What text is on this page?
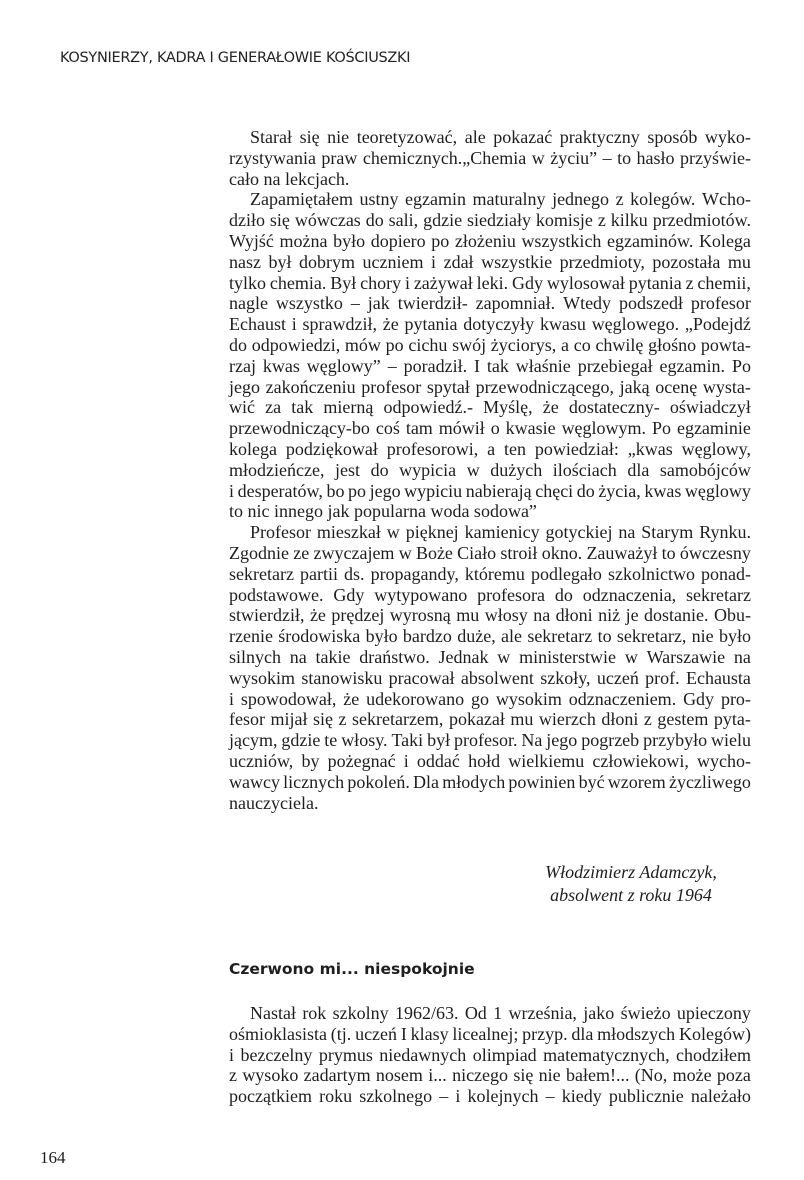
KOSYNIERZY, KADRA I GENERAŁOWIE KOŚCIUSZKI
Starał się nie teoretyzować, ale pokazać praktyczny sposób wyko-
rzystywania praw chemicznych.„Chemia w życiu” – to hasło przyświe-
cało na lekcjach.
Zapamiętałem ustny egzamin maturalny jednego z kolegów. Wcho-
dziło się wówczas do sali, gdzie siedziały komisje z kilku przedmiotów.
Wyjść można było dopiero po złożeniu wszystkich egzaminów. Kolega
nasz był dobrym uczniem i zdał wszystkie przedmioty, pozostała mu
tylko chemia. Był chory i zażywał leki. Gdy wylosował pytania z chemii,
nagle wszystko – jak twierdził- zapomniał. Wtedy podszedł profesor
Echaust i sprawdził, że pytania dotyczyły kwasu węglowego. „Podejdź
do odpowiedzi, mów po cichu swój życiorys, a co chwilę głośno powta-
rzaj kwas węglowy” – poradził. I tak właśnie przebiegał egzamin. Po
jego zakończeniu profesor spytał przewodniczącego, jaką ocenę wysta-
wić za tak mierną odpowiedź.- Myślę, że dostateczny- oświadczył
przewodniczący-bo coś tam mówił o kwasie węglowym. Po egzaminie
kolega podziękował profesorowi, a ten powiedział: „kwas węglowy,
młodzieńcze, jest do wypicia w dużych ilościach dla samobójców
i desperatów, bo po jego wypiciu nabierają chęci do życia, kwas węglowy
to nic innego jak popularna woda sodowa”
Profesor mieszkał w pięknej kamienicy gotyckiej na Starym Rynku.
Zgodnie ze zwyczajem w Boże Ciało stroił okno. Zauważył to ówczesny
sekretarz partii ds. propagandy, któremu podlegało szkolnictwo ponad-
podstawowe. Gdy wytypowano profesora do odznaczenia, sekretarz
stwierdził, że prędzej wyrosną mu włosy na dłoni niż je dostanie. Obu-
rzenie środowiska było bardzo duże, ale sekretarz to sekretarz, nie było
silnych na takie draństwo. Jednak w ministerstwie w Warszawie na
wysokim stanowisku pracował absolwent szkoły, uczeń prof. Echausta
i spowodował, że udekorowano go wysokim odznaczeniem. Gdy pro-
fesor mijał się z sekretarzem, pokazał mu wierzch dłoni z gestem pyta-
jącym, gdzie te włosy. Taki był profesor. Na jego pogrzeb przybyło wielu
uczniów, by pożegnać i oddać hołd wielkiemu człowiekowi, wycho-
wawcy licznych pokoleń. Dla młodych powinien być wzorem życzliwego
nauczyciela.
Włodzimierz Adamczyk,
absolwent z roku 1964
Czerwono mi... niespokojnie
Nastał rok szkolny 1962/63. Od 1 września, jako świeżo upieczony
ośmioklasista (tj. uczeń I klasy licealnej; przyp. dla młodszych Kolegów)
i bezczelny prymus niedawnych olimpiad matematycznych, chodziłem
z wysoko zadartym nosem i... niczego się nie bałem!... (No, może poza
początkiem roku szkolnego – i kolejnych – kiedy publicznie należało
164
